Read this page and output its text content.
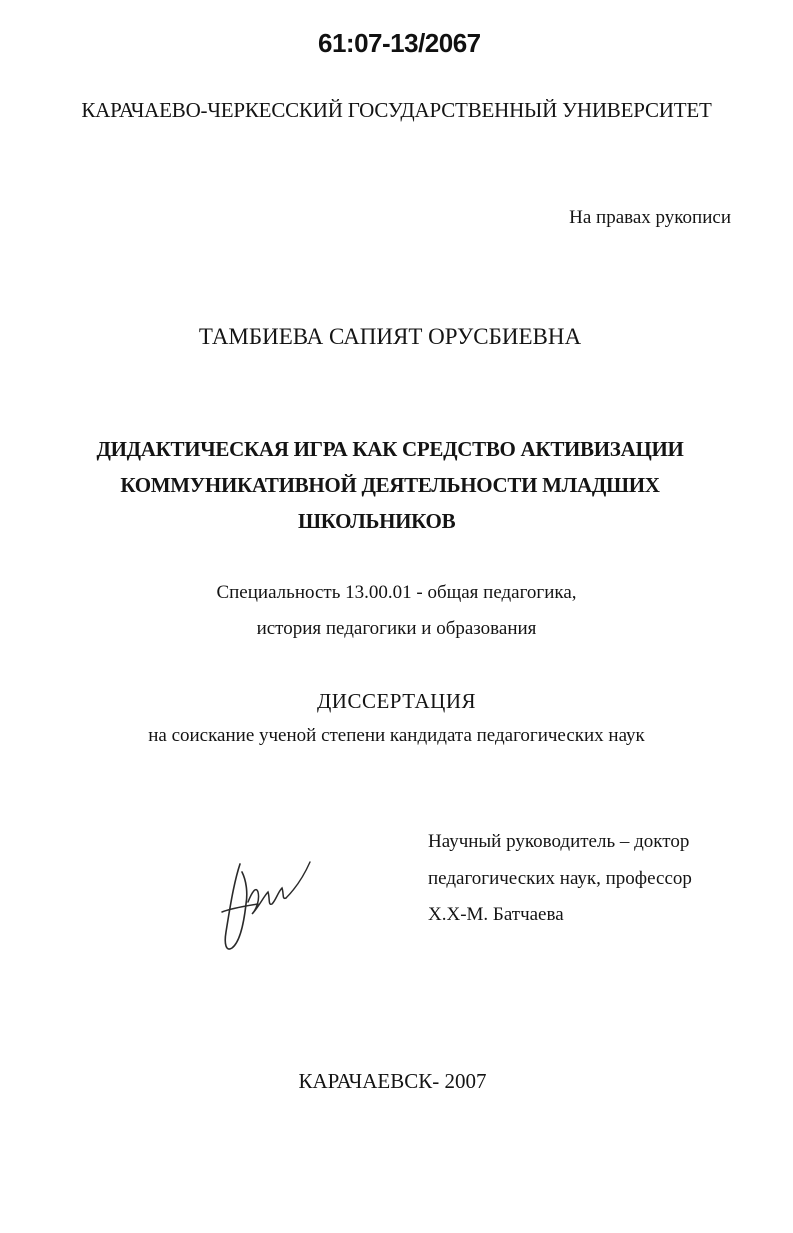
61:07-13/2067
КАРАЧАЕВО-ЧЕРКЕССКИЙ ГОСУДАРСТВЕННЫЙ УНИВЕРСИТЕТ
На правах рукописи
ТАМБИЕВА САПИЯТ ОРУСБИЕВНА
ДИДАКТИЧЕСКАЯ ИГРА КАК СРЕДСТВО АКТИВИЗАЦИИ
КОММУНИКАТИВНОЙ ДЕЯТЕЛЬНОСТИ МЛАДШИХ
ШКОЛЬНИКОВ
Специальность 13.00.01 - общая педагогика,
история педагогики и образования
ДИССЕРТАЦИЯ
на соискание ученой степени кандидата педагогических наук
Научный руководитель – доктор
педагогических наук, профессор
Х.Х-М. Батчаева
КАРАЧАЕВСК- 2007
